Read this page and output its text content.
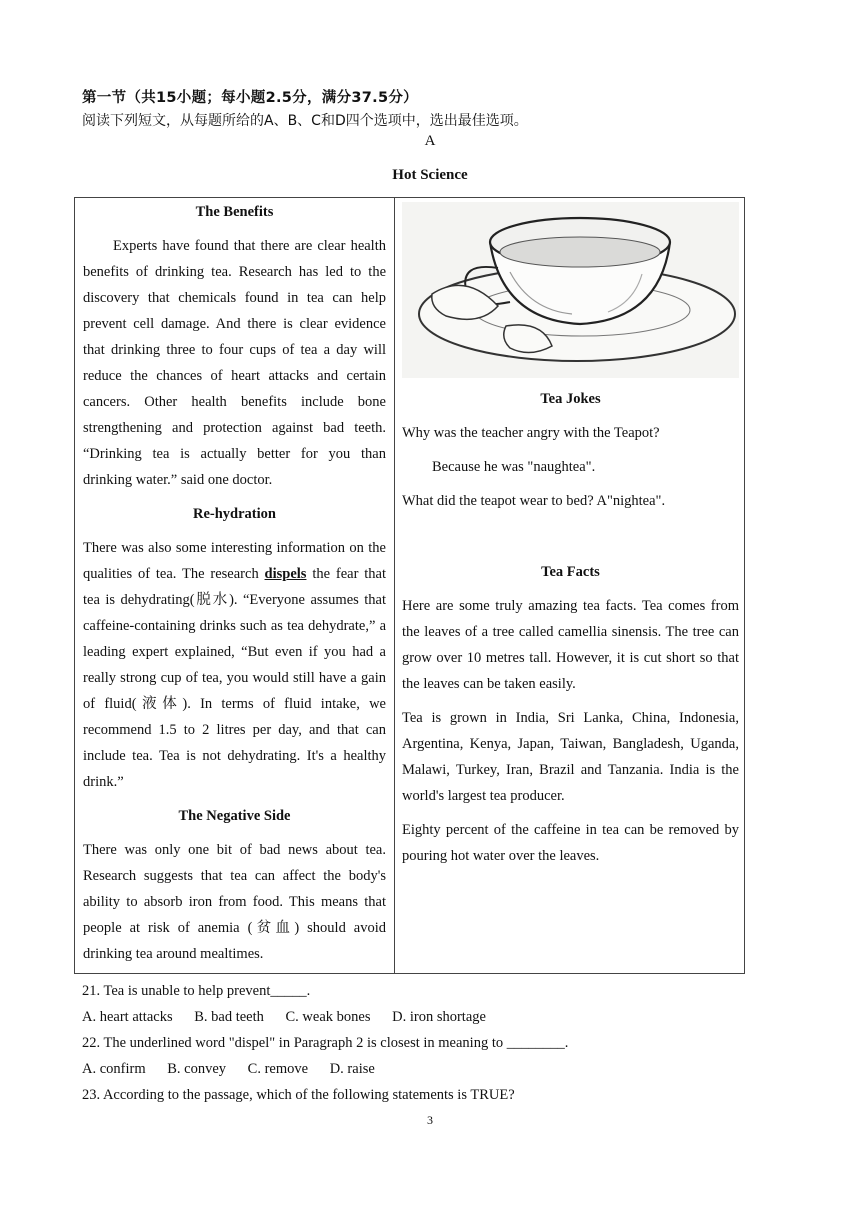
第一节（共15小题；每小题2.5分，满分37.5分）
阅读下列短文，从每题所给的A、B、C和D四个选项中，选出最佳选项。
A
Hot Science

The Benefits

Experts have found that there are clear health benefits of drinking tea. Research has led to the discovery that chemicals found in tea can help prevent cell damage. And there is clear evidence that drinking three to four cups of tea a day will reduce the chances of heart attacks and certain cancers. Other health benefits include bone strengthening and protection against bad teeth. “Drinking tea is actually better for you than drinking water.” said one doctor.

Re-hydration

There was also some interesting information on the qualities of tea. The research dispels the fear that tea is dehydrating(脱水). “Everyone assumes that caffeine-containing drinks such as tea dehydrate,” a leading expert explained, “But even if you had a really strong cup of tea, you would still have a gain of fluid(液体). In terms of fluid intake, we recommend 1.5 to 2 litres per day, and that can include tea. Tea is not dehydrating. It's a healthy drink.”

The Negative Side

There was only one bit of bad news about tea. Research suggests that tea can affect the body's ability to absorb iron from food. This means that people at risk of anemia (贫血) should avoid drinking tea around mealtimes.

Tea Jokes

Why was the teacher angry with the Teapot?

Because he was "naughtea".

What did the teapot wear to bed? A"nightea".

Tea Facts

Here are some truly amazing tea facts. Tea comes from the leaves of a tree called camellia sinensis. The tree can grow over 10 metres tall. However, it is cut short so that the leaves can be taken easily.

Tea is grown in India, Sri Lanka, China, Indonesia, Argentina, Kenya, Japan, Taiwan, Bangladesh, Uganda, Malawi, Turkey, Iran, Brazil and Tanzania. India is the world's largest tea producer.

Eighty percent of the caffeine in tea can be removed by pouring hot water over the leaves.

21. Tea is unable to help prevent_____.
A. heart attacks B. bad teeth C. weak bones D. iron shortage
22. The underlined word "dispel" in Paragraph 2 is closest in meaning to ________.
A. confirm B. convey C. remove D. raise
23. According to the passage, which of the following statements is TRUE?
3
